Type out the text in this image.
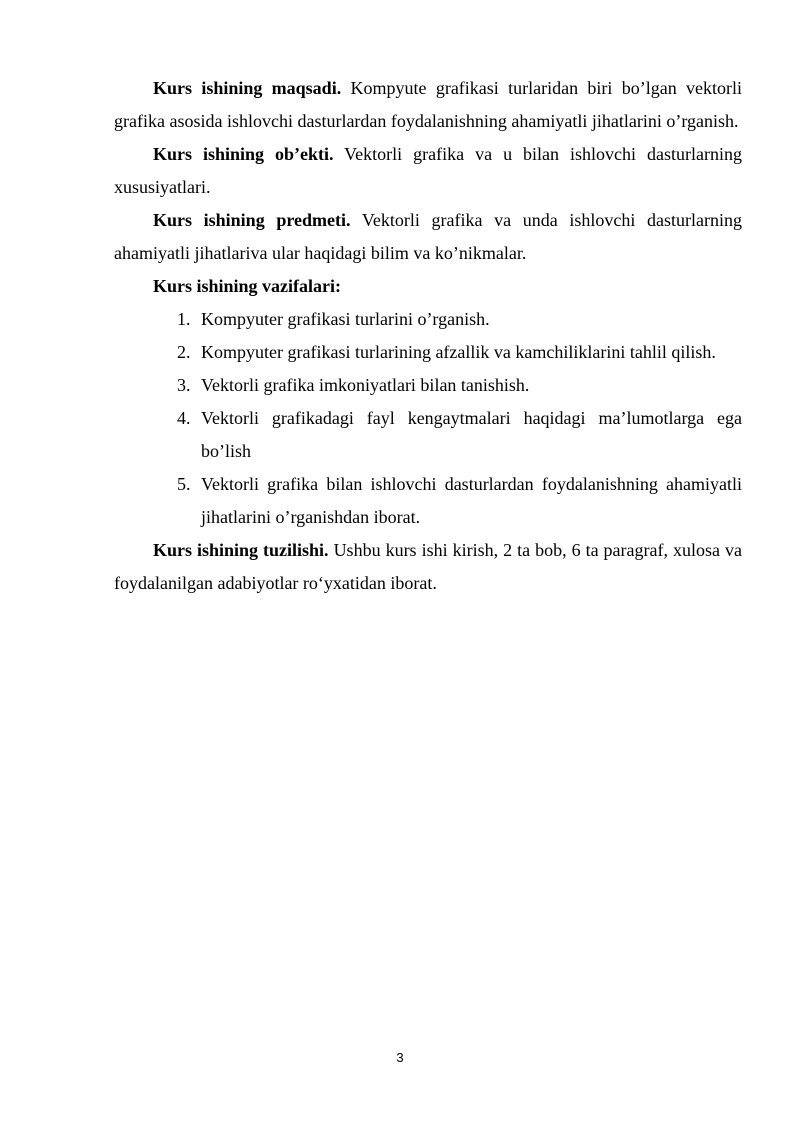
Kurs ishining maqsadi. Kompyute grafikasi turlaridan biri bo’lgan vektorli grafika asosida ishlovchi dasturlardan foydalanishning ahamiyatli jihatlarini o’rganish.

Kurs ishining ob’ekti. Vektorli grafika va u bilan ishlovchi dasturlarning xususiyatlari.

Kurs ishining predmeti. Vektorli grafika va unda ishlovchi dasturlarning ahamiyatli jihatlariva ular haqidagi bilim va ko’nikmalar.

Kurs ishining vazifalari:

1. Kompyuter grafikasi turlarini o’rganish.
2. Kompyuter grafikasi turlarining afzallik va kamchiliklarini tahlil qilish.
3. Vektorli grafika imkoniyatlari bilan tanishish.
4. Vektorli grafikadagi fayl kengaytmalari haqidagi ma’lumotlarga ega bo’lish
5. Vektorli grafika bilan ishlovchi dasturlardan foydalanishning ahamiyatli jihatlarini o’rganishdan iborat.

Kurs ishining tuzilishi. Ushbu kurs ishi kirish, 2 ta bob, 6 ta paragraf, xulosa va foydalanilgan adabiyotlar ro‘yxatidan iborat.

3
